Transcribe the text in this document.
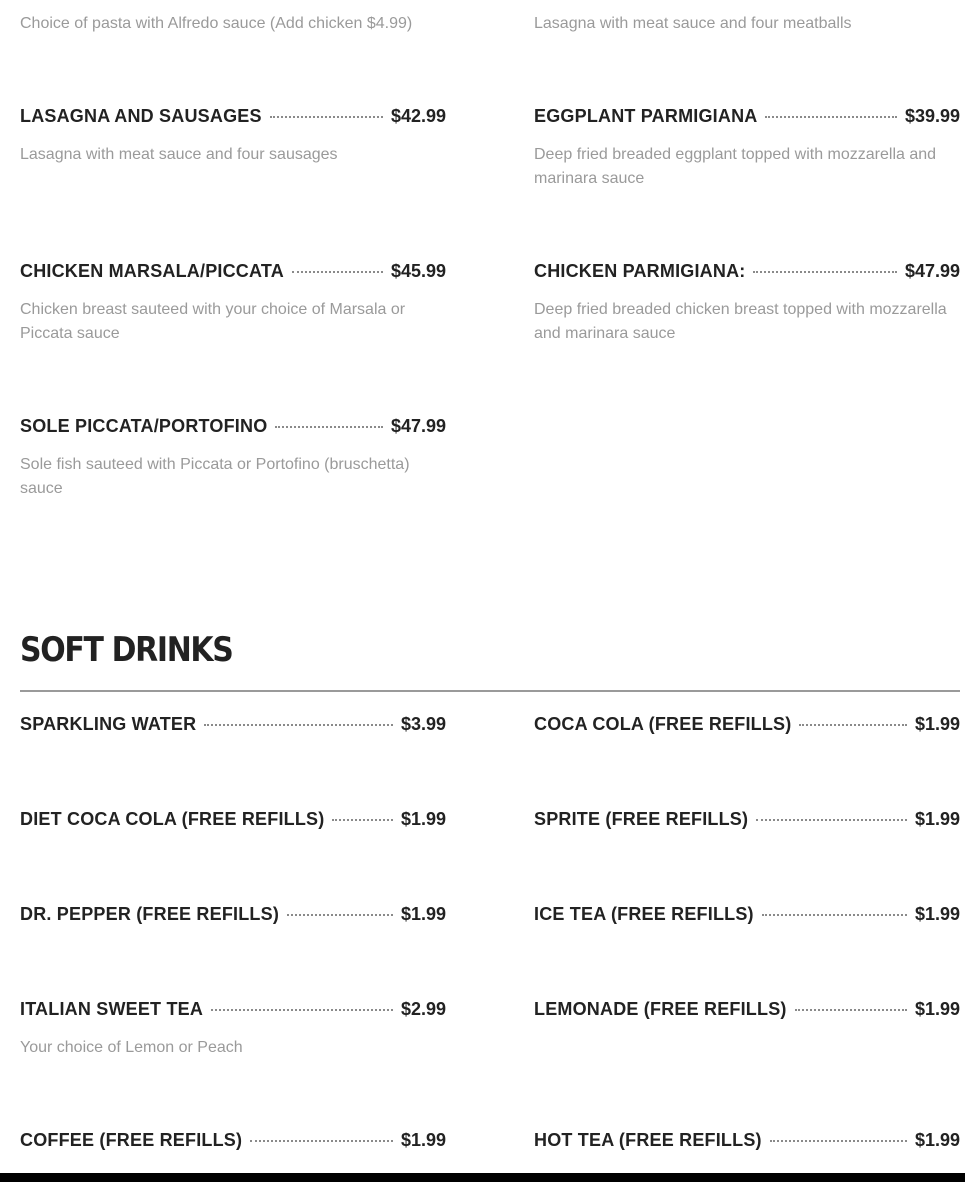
Choice of pasta with Alfredo sauce (Add chicken $4.99)	Lasagna with meat sauce and four meatballs
LASAGNA AND SAUSAGES	$42.99
Lasagna with meat sauce and four sausages
EGGPLANT PARMIGIANA	$39.99
Deep fried breaded eggplant topped with mozzarella and
marinara sauce
CHICKEN MARSALA/PICCATA	$45.99
Chicken breast sauteed with your choice of Marsala or
Piccata sauce
CHICKEN PARMIGIANA:	$47.99
Deep fried breaded chicken breast topped with mozzarella
and marinara sauce
SOLE PICCATA/PORTOFINO	$47.99
Sole fish sauteed with Piccata or Portofino (bruschetta)
sauce
SOFT DRINKS
SPARKLING WATER	$3.99	COCA COLA (FREE REFILLS)	$1.99
DIET COCA COLA (FREE REFILLS)	$1.99	SPRITE (FREE REFILLS)	$1.99
DR. PEPPER (FREE REFILLS)	$1.99	ICE TEA (FREE REFILLS)	$1.99
ITALIAN SWEET TEA	$2.99
Your choice of Lemon or Peach
LEMONADE (FREE REFILLS)	$1.99
COFFEE (FREE REFILLS)	$1.99	HOT TEA (FREE REFILLS)	$1.99
